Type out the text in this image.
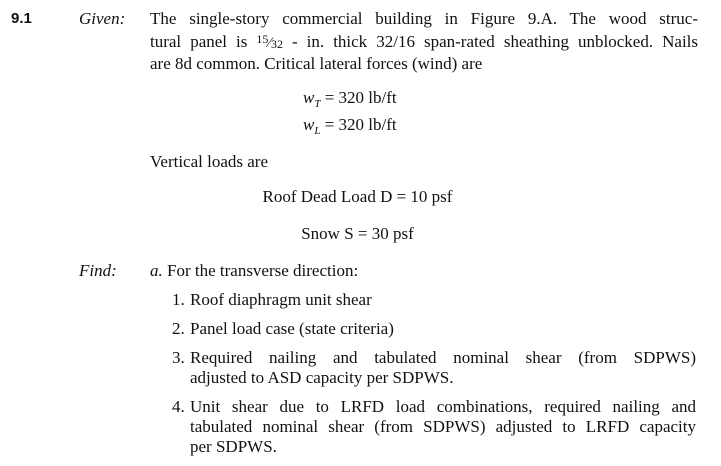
9.1	Given: The single-story commercial building in Figure 9.A. The wood struc-
tural panel is $^{15}$⁄32 - in. thick 32/16 span-rated sheathing unblocked. Nails
are 8d common. Critical lateral forces (wind) are
$w_T = 320$ lb/ft
$w_L = 320$ lb/ft
Vertical loads are
Roof Dead Load D = 10 psf
Snow S = 30 psf
Find: a. For the transverse direction:
1. Roof diaphragm unit shear
2. Panel load case (state criteria)
3. Required nailing and tabulated nominal shear (from SDPWS)
adjusted to ASD capacity per SDPWS.
4. Unit shear due to LRFD load combinations, required nailing and
tabulated nominal shear (from SDPWS) adjusted to LRFD capacity
per SDPWS.
